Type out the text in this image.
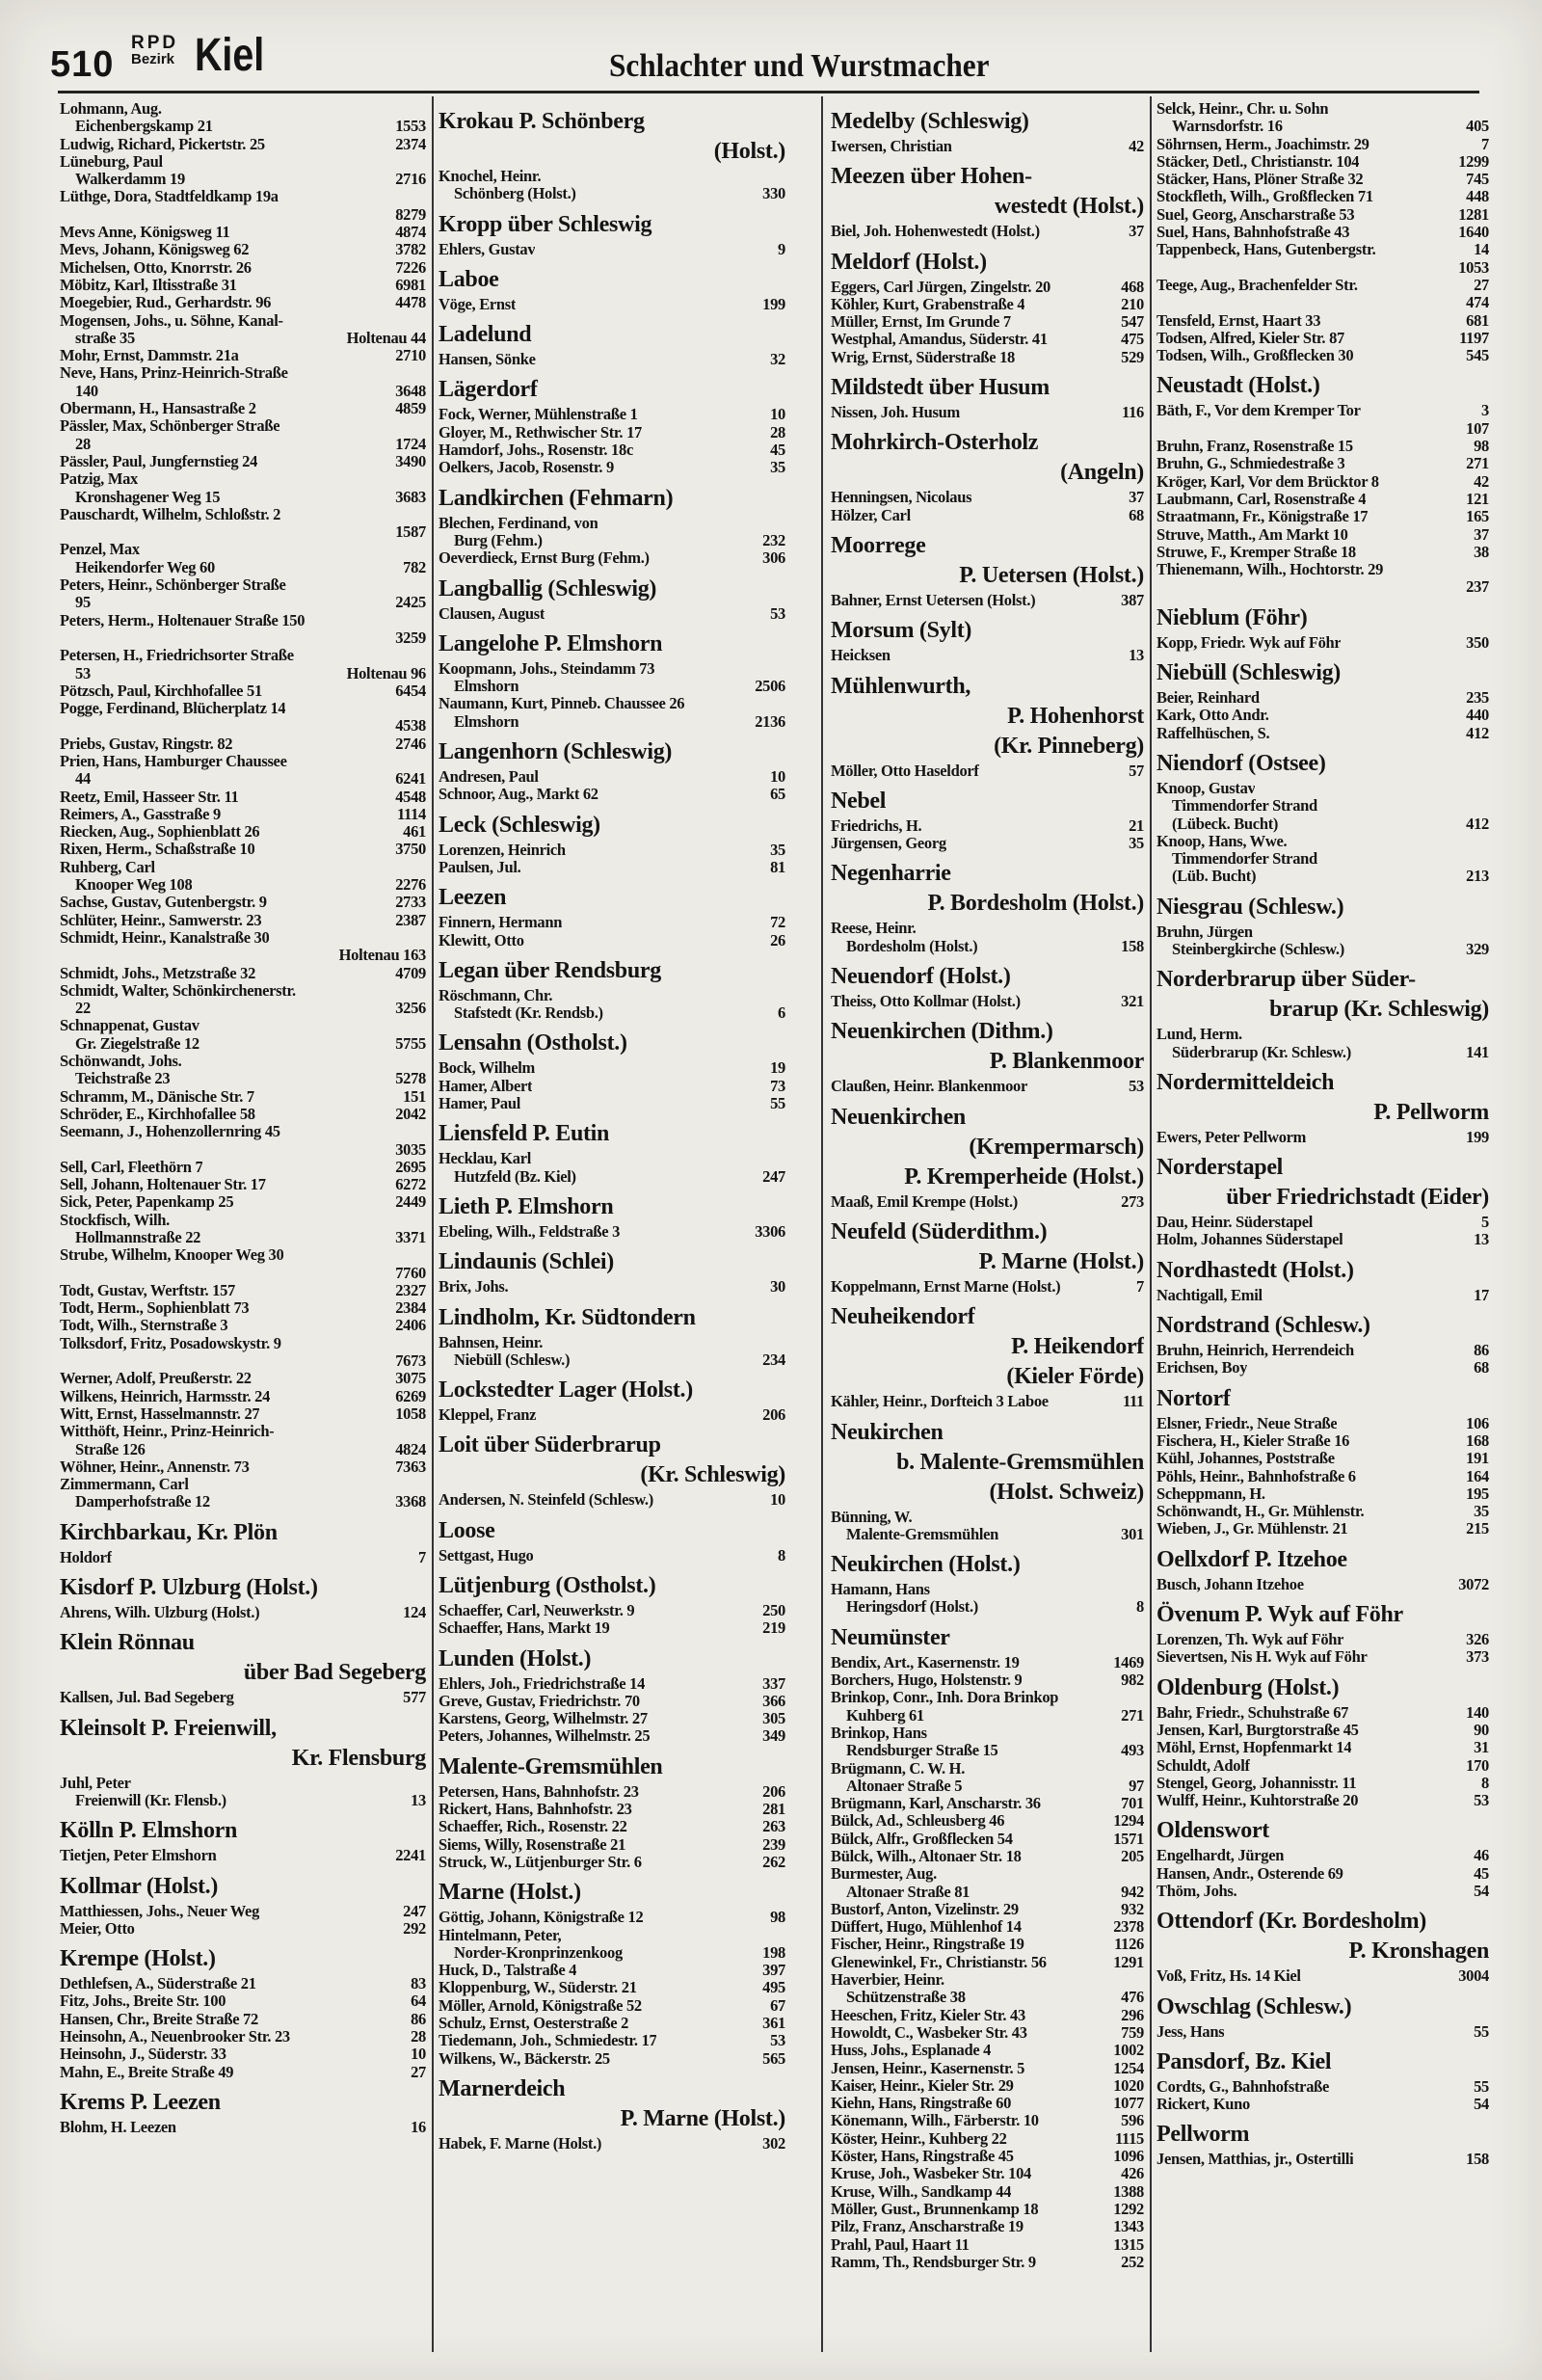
510
RPD
Bezirk Kiel	Schlachter und Wurstmacher
Lohmann, Aug.
Eichenbergskamp 21	1553
Ludwig, Richard, Pickertstr. 25	2374
Lüneburg, Paul
Walkerdamm 19	2716
Lüthge, Dora, Stadtfeldkamp 19a
8279
Mevs Anne, Königsweg 11	4874
Mevs, Johann, Königsweg 62	3782
Michelsen, Otto, Knorrstr. 26	7226
Möbitz, Karl, Iltisstraße 31	6981
Moegebier, Rud., Gerhardstr. 96	4478
Mogensen, Johs., u. Söhne, Kanal-
straße 35	Holtenau 44
Mohr, Ernst, Dammstr. 21a	2710
Neve, Hans, Prinz-Heinrich-Straße
140	3648
Obermann, H., Hansastraße 2	4859
Pässler, Max, Schönberger Straße
28	1724
Pässler, Paul, Jungfernstieg 24	3490
Patzig, Max
Kronshagener Weg 15	3683
Pauschardt, Wilhelm, Schloßstr. 2
1587
Penzel, Max
Heikendorfer Weg 60	782
Peters, Heinr., Schönberger Straße
95	2425
Peters, Herm., Holtenauer Straße 150
3259
Petersen, H., Friedrichsorter Straße
53	Holtenau 96
Pötzsch, Paul, Kirchhofallee 51	6454
Pogge, Ferdinand, Blücherplatz 14
4538
Priebs, Gustav, Ringstr. 82	2746
Prien, Hans, Hamburger Chaussee
44	6241
Reetz, Emil, Hasseer Str. 11	4548
Reimers, A., Gasstraße 9	1114
Riecken, Aug., Sophienblatt 26	461
Rixen, Herm., Schaßstraße 10	3750
Ruhberg, Carl
Knooper Weg 108	2276
Sachse, Gustav, Gutenbergstr. 9	2733
Schlüter, Heinr., Samwerstr. 23	2387
Schmidt, Heinr., Kanalstraße 30
Holtenau 163
Schmidt, Johs., Metzstraße 32	4709
Schmidt, Walter, Schönkirchenerstr.
22	3256
Schnappenat, Gustav
Gr. Ziegelstraße 12	5755
Schönwandt, Johs.
Teichstraße 23	5278
Schramm, M., Dänische Str. 7	151
Schröder, E., Kirchhofallee 58	2042
Seemann, J., Hohenzollernring 45
3035
Sell, Carl, Fleethörn 7	2695
Sell, Johann, Holtenauer Str. 17	6272
Sick, Peter, Papenkamp 25	2449
Stockfisch, Wilh.
Hollmannstraße 22	3371
Strube, Wilhelm, Knooper Weg 30
7760
Todt, Gustav, Werftstr. 157	2327
Todt, Herm., Sophienblatt 73	2384
Todt, Wilh., Sternstraße 3	2406
Tolksdorf, Fritz, Posadowskystr. 9
7673
Werner, Adolf, Preußerstr. 22	3075
Wilkens, Heinrich, Harmsstr. 24	6269
Witt, Ernst, Hasselmannstr. 27	1058
Witthöft, Heinr., Prinz-Heinrich-
Straße 126	4824
Wöhner, Heinr., Annenstr. 73	7363
Zimmermann, Carl
Damperhofstraße 12	3368
Kirchbarkau, Kr. Plön
Holdorf	7
Kisdorf P. Ulzburg (Holst.)
Ahrens, Wilh. Ulzburg (Holst.)	124
Klein Rönnau
über Bad Segeberg
Kallsen, Jul. Bad Segeberg	577
Kleinsolt P. Freienwill,
Kr. Flensburg
Juhl, Peter
Freienwill (Kr. Flensb.)	13
Kölln P. Elmshorn
Tietjen, Peter Elmshorn	2241
Kollmar (Holst.)
Matthiessen, Johs., Neuer Weg	247
Meier, Otto	292
Krempe (Holst.)
Dethlefsen, A., Süderstraße 21	83
Fitz, Johs., Breite Str. 100	64
Hansen, Chr., Breite Straße 72	86
Heinsohn, A., Neuenbrooker Str. 23	28
Heinsohn, J., Süderstr. 33	10
Mahn, E., Breite Straße 49	27
Krems P. Leezen
Blohm, H. Leezen	16
Krokau P. Schönberg
(Holst.)
Knochel, Heinr.
Schönberg (Holst.)	330
Kropp über Schleswig
Ehlers, Gustav	9
Laboe
Vöge, Ernst	199
Ladelund
Hansen, Sönke	32
Lägerdorf
Fock, Werner, Mühlenstraße 1	10
Gloyer, M., Rethwischer Str. 17	28
Hamdorf, Johs., Rosenstr. 18c	45
Oelkers, Jacob, Rosenstr. 9	35
Landkirchen (Fehmarn)
Blechen, Ferdinand, von
Burg (Fehm.)	232
Oeverdieck, Ernst Burg (Fehm.)	306
Langballig (Schleswig)
Clausen, August	53
Langelohe P. Elmshorn
Koopmann, Johs., Steindamm 73
Elmshorn	2506
Naumann, Kurt, Pinneb. Chaussee 26
Elmshorn	2136
Langenhorn (Schleswig)
Andresen, Paul	10
Schnoor, Aug., Markt 62	65
Leck (Schleswig)
Lorenzen, Heinrich	35
Paulsen, Jul.	81
Leezen
Finnern, Hermann	72
Klewitt, Otto	26
Legan über Rendsburg
Röschmann, Chr.
Stafstedt (Kr. Rendsb.)	6
Lensahn (Ostholst.)
Bock, Wilhelm	19
Hamer, Albert	73
Hamer, Paul	55
Liensfeld P. Eutin
Hecklau, Karl
Hutzfeld (Bz. Kiel)	247
Lieth P. Elmshorn
Ebeling, Wilh., Feldstraße 3	3306
Lindaunis (Schlei)
Brix, Johs.	30
Lindholm, Kr. Südtondern
Bahnsen, Heinr.
Niebüll (Schlesw.)	234
Lockstedter Lager (Holst.)
Kleppel, Franz	206
Loit über Süderbrarup
(Kr. Schleswig)
Andersen, N. Steinfeld (Schlesw.)	10
Loose
Settgast, Hugo	8
Lütjenburg (Ostholst.)
Schaeffer, Carl, Neuwerkstr. 9	250
Schaeffer, Hans, Markt 19	219
Lunden (Holst.)
Ehlers, Joh., Friedrichstraße 14	337
Greve, Gustav, Friedrichstr. 70	366
Karstens, Georg, Wilhelmstr. 27	305
Peters, Johannes, Wilhelmstr. 25	349
Malente-Gremsmühlen
Petersen, Hans, Bahnhofstr. 23	206
Rickert, Hans, Bahnhofstr. 23	281
Schaeffer, Rich., Rosenstr. 22	263
Siems, Willy, Rosenstraße 21	239
Struck, W., Lütjenburger Str. 6	262
Marne (Holst.)
Göttig, Johann, Königstraße 12	98
Hintelmann, Peter,
Norder-Kronprinzenkoog	198
Huck, D., Talstraße 4	397
Kloppenburg, W., Süderstr. 21	495
Möller, Arnold, Königstraße 52	67
Schulz, Ernst, Oesterstraße 2	361
Tiedemann, Joh., Schmiedestr. 17	53
Wilkens, W., Bäckerstr. 25	565
Marnerdeich
P. Marne (Holst.)
Habek, F. Marne (Holst.)	302
Medelby (Schleswig)
Iwersen, Christian	42
Meezen über Hohen-
westedt (Holst.)
Biel, Joh. Hohenwestedt (Holst.)	37
Meldorf (Holst.)
Eggers, Carl Jürgen, Zingelstr. 20	468
Köhler, Kurt, Grabenstraße 4	210
Müller, Ernst, Im Grunde 7	547
Westphal, Amandus, Süderstr. 41	475
Wrig, Ernst, Süderstraße 18	529
Mildstedt über Husum
Nissen, Joh. Husum	116
Mohrkirch-Osterholz
(Angeln)
Henningsen, Nicolaus	37
Hölzer, Carl	68
Moorrege
P. Uetersen (Holst.)
Bahner, Ernst Uetersen (Holst.)	387
Morsum (Sylt)
Heicksen	13
Mühlenwurth,
P. Hohenhorst
(Kr. Pinneberg)
Möller, Otto Haseldorf	57
Nebel
Friedrichs, H.	21
Jürgensen, Georg	35
Negenharrie
P. Bordesholm (Holst.)
Reese, Heinr.
Bordesholm (Holst.)	158
Neuendorf (Holst.)
Theiss, Otto Kollmar (Holst.)	321
Neuenkirchen (Dithm.)
P. Blankenmoor
Claußen, Heinr. Blankenmoor	53
Neuenkirchen
(Krempermarsch)
P. Kremperheide (Holst.)
Maaß, Emil Krempe (Holst.)	273
Neufeld (Süderdithm.)
P. Marne (Holst.)
Koppelmann, Ernst Marne (Holst.)	7
Neuheikendorf
P. Heikendorf
(Kieler Förde)
Kähler, Heinr., Dorfteich 3 Laboe	111
Neukirchen
b. Malente-Gremsmühlen
(Holst. Schweiz)
Bünning, W.
Malente-Gremsmühlen	301
Neukirchen (Holst.)
Hamann, Hans
Heringsdorf (Holst.)	8
Neumünster
Bendix, Art., Kasernenstr. 19	1469
Borchers, Hugo, Holstenstr. 9	982
Brinkop, Conr., Inh. Dora Brinkop
Kuhberg 61	271
Brinkop, Hans
Rendsburger Straße 15	493
Brügmann, C. W. H.
Altonaer Straße 5	97
Brügmann, Karl, Anscharstr. 36	701
Bülck, Ad., Schleusberg 46	1294
Bülck, Alfr., Großflecken 54	1571
Bülck, Wilh., Altonaer Str. 18	205
Burmester, Aug.
Altonaer Straße 81	942
Bustorf, Anton, Vizelinstr. 29	932
Düffert, Hugo, Mühlenhof 14	2378
Fischer, Heinr., Ringstraße 19	1126
Glenewinkel, Fr., Christianstr. 56	1291
Haverbier, Heinr.
Schützenstraße 38	476
Heeschen, Fritz, Kieler Str. 43	296
Howoldt, C., Wasbeker Str. 43	759
Huss, Johs., Esplanade 4	1002
Jensen, Heinr., Kasernenstr. 5	1254
Kaiser, Heinr., Kieler Str. 29	1020
Kiehn, Hans, Ringstraße 60	1077
Könemann, Wilh., Färberstr. 10	596
Köster, Heinr., Kuhberg 22	1115
Köster, Hans, Ringstraße 45	1096
Kruse, Joh., Wasbeker Str. 104	426
Kruse, Wilh., Sandkamp 44	1388
Möller, Gust., Brunnenkamp 18	1292
Pilz, Franz, Anscharstraße 19	1343
Prahl, Paul, Haart 11	1315
Ramm, Th., Rendsburger Str. 9	252
Selck, Heinr., Chr. u. Sohn
Warnsdorfstr. 16	405
Söhrnsen, Herm., Joachimstr. 29	7
Stäcker, Detl., Christianstr. 104	1299
Stäcker, Hans, Plöner Straße 32	745
Stockfleth, Wilh., Großflecken 71	448
Suel, Georg, Anscharstraße 53	1281
Suel, Hans, Bahnhofstraße 43	1640
Tappenbeck, Hans, Gutenbergstr.	14
1053
Teege, Aug., Brachenfelder Str.	27
474
Tensfeld, Ernst, Haart 33	681
Todsen, Alfred, Kieler Str. 87	1197
Todsen, Wilh., Großflecken 30	545
Neustadt (Holst.)
Bäth, F., Vor dem Kremper Tor	3
107
Bruhn, Franz, Rosenstraße 15	98
Bruhn, G., Schmiedestraße 3	271
Kröger, Karl, Vor dem Brücktor 8	42
Laubmann, Carl, Rosenstraße 4	121
Straatmann, Fr., Königstraße 17	165
Struve, Matth., Am Markt 10	37
Struwe, F., Kremper Straße 18	38
Thienemann, Wilh., Hochtorstr. 29
237
Nieblum (Föhr)
Kopp, Friedr. Wyk auf Föhr	350
Niebüll (Schleswig)
Beier, Reinhard	235
Kark, Otto Andr.	440
Raffelhüschen, S.	412
Niendorf (Ostsee)
Knoop, Gustav
Timmendorfer Strand
(Lübeck. Bucht)	412
Knoop, Hans, Wwe.
Timmendorfer Strand
(Lüb. Bucht)	213
Niesgrau (Schlesw.)
Bruhn, Jürgen
Steinbergkirche (Schlesw.)	329
Norderbrarup über Süder-
brarup (Kr. Schleswig)
Lund, Herm.
Süderbrarup (Kr. Schlesw.)	141
Nordermitteldeich
P. Pellworm
Ewers, Peter Pellworm	199
Norderstapel
über Friedrichstadt (Eider)
Dau, Heinr. Süderstapel	5
Holm, Johannes Süderstapel	13
Nordhastedt (Holst.)
Nachtigall, Emil	17
Nordstrand (Schlesw.)
Bruhn, Heinrich, Herrendeich	86
Erichsen, Boy	68
Nortorf
Elsner, Friedr., Neue Straße	106
Fischera, H., Kieler Straße 16	168
Kühl, Johannes, Poststraße	191
Pöhls, Heinr., Bahnhofstraße 6	164
Scheppmann, H.	195
Schönwandt, H., Gr. Mühlenstr.	35
Wieben, J., Gr. Mühlenstr. 21	215
Oellxdorf P. Itzehoe
Busch, Johann Itzehoe	3072
Övenum P. Wyk auf Föhr
Lorenzen, Th. Wyk auf Föhr	326
Sievertsen, Nis H. Wyk auf Föhr	373
Oldenburg (Holst.)
Bahr, Friedr., Schuhstraße 67	140
Jensen, Karl, Burgtorstraße 45	90
Möhl, Ernst, Hopfenmarkt 14	31
Schuldt, Adolf	170
Stengel, Georg, Johannisstr. 11	8
Wulff, Heinr., Kuhtorstraße 20	53
Oldenswort
Engelhardt, Jürgen	46
Hansen, Andr., Osterende 69	45
Thöm, Johs.	54
Ottendorf (Kr. Bordesholm)
P. Kronshagen
Voß, Fritz, Hs. 14 Kiel	3004
Owschlag (Schlesw.)
Jess, Hans	55
Pansdorf, Bz. Kiel
Cordts, G., Bahnhofstraße	55
Rickert, Kuno	54
Pellworm
Jensen, Matthias, jr., Ostertilli	158
